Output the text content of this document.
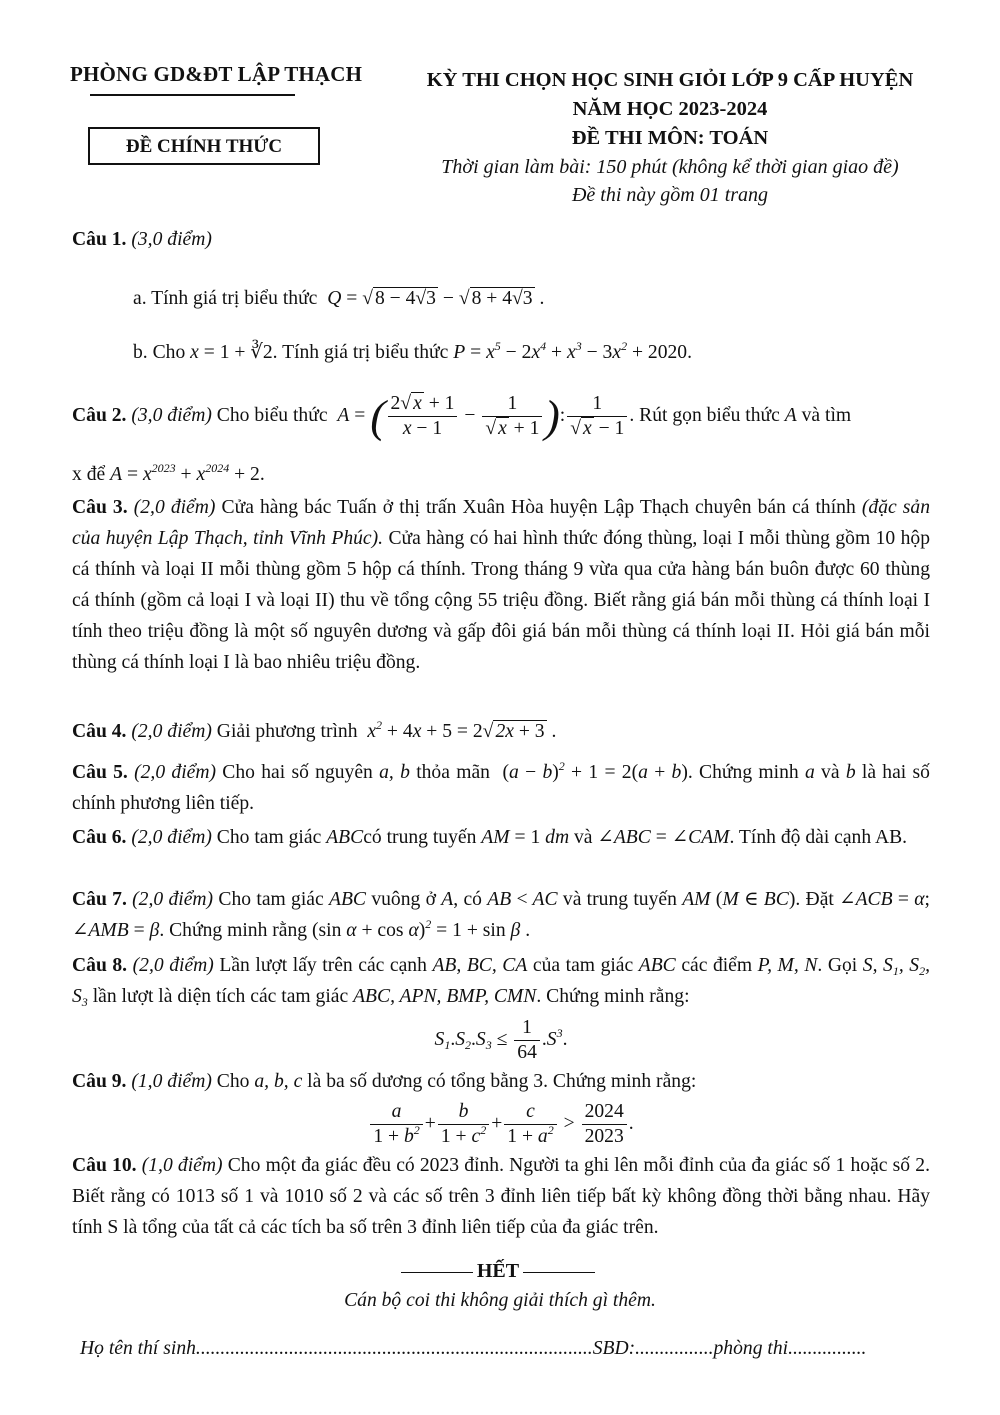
PHÒNG GD&ĐT LẬP THẠCH
ĐỀ CHÍNH THỨC
KỲ THI CHỌN HỌC SINH GIỎI LỚP 9 CẤP HUYỆN
NĂM HỌC 2023-2024
ĐỀ THI MÔN: TOÁN
Thời gian làm bài: 150 phút (không kể thời gian giao đề)
Đề thi này gồm 01 trang
Câu 1. (3,0 điểm)
a. Tính giá trị biểu thức  Q = √ 8 − 4√3 − √ 8 + 4√3 .
b. Cho x = 1 + ∛2. Tính giá trị biểu thức $P = x^5 - 2x^4 + x^3 - 3x^2 + 2020$.
Câu 2. (3,0 điểm) Cho biểu thức  A = ( $\frac{2√ x + 1}{x - 1} - \frac{1}{√ x + 1}$ ): $\frac{1}{√ x - 1}$ . Rút gọn biểu thức A và tìm
x để $A = x^{2023} + x^{2024} + 2$.
Câu 3. (2,0 điểm) Cửa hàng bác Tuấn ở thị trấn Xuân Hòa huyện Lập Thạch chuyên bán cá thính (đặc sản của huyện Lập Thạch, tỉnh Vĩnh Phúc). Cửa hàng có hai hình thức đóng thùng, loại I mỗi thùng gồm 10 hộp cá thính và loại II mỗi thùng gồm 5 hộp cá thính. Trong tháng 9 vừa qua cửa hàng bán buôn được 60 thùng cá thính (gồm cả loại I và loại II) thu về tổng cộng 55 triệu đồng. Biết rằng giá bán mỗi thùng cá thính loại I tính theo triệu đồng là một số nguyên dương và gấp đôi giá bán mỗi thùng cá thính loại II. Hỏi giá bán mỗi thùng cá thính loại I là bao nhiêu triệu đồng.
Câu 4. (2,0 điểm) Giải phương trình  $x^2 + 4x + 5 = 2√$ 2x + 3 .
Câu 5. (2,0 điểm) Cho hai số nguyên a, b thỏa mãn $(a - b)^2 + 1 = 2(a + b)$. Chứng minh a và b là hai số chính phương liên tiếp.
Câu 6. (2,0 điểm) Cho tam giác ABCcó trung tuyến AM = 1 dm và ∠ABC = ∠CAM. Tính độ dài cạnh AB.
Câu 7. (2,0 điểm) Cho tam giác ABC vuông ở A, có AB < AC và trung tuyến AM (M ∈ BC). Đặt ∠ACB = α; ∠AMB = β. Chứng minh rằng (sin α + cos α)$^2$ = 1 + sin β .
Câu 8. (2,0 điểm) Lần lượt lấy trên các cạnh AB, BC, CA của tam giác ABC các điểm P, M, N. Gọi S, $S_1$, $S_2$, $S_3$ lần lượt là diện tích các tam giác ABC, APN, BMP, CMN. Chứng minh rằng:
$S_1.S_2.S_3 \le \frac{1}{64} .S^3$.
Câu 9. (1,0 điểm) Cho a, b, c là ba số dương có tổng bằng 3. Chứng minh rằng:
$\frac{a}{1 + b^2} + \frac{b}{1 + c^2} + \frac{c}{1 + a^2} > \frac{2024}{2023}$ .
Câu 10. (1,0 điểm) Cho một đa giác đều có 2023 đỉnh. Người ta ghi lên mỗi đỉnh của đa giác số 1 hoặc số 2. Biết rằng có 1013 số 1 và 1010 số 2 và các số trên 3 đỉnh liên tiếp bất kỳ không đồng thời bằng nhau. Hãy tính S là tổng của tất cả các tích ba số trên 3 đỉnh liên tiếp của đa giác trên.
HẾT
Cán bộ coi thi không giải thích gì thêm.
Họ tên thí sinh.................................................................................SBD:................phòng thi................
